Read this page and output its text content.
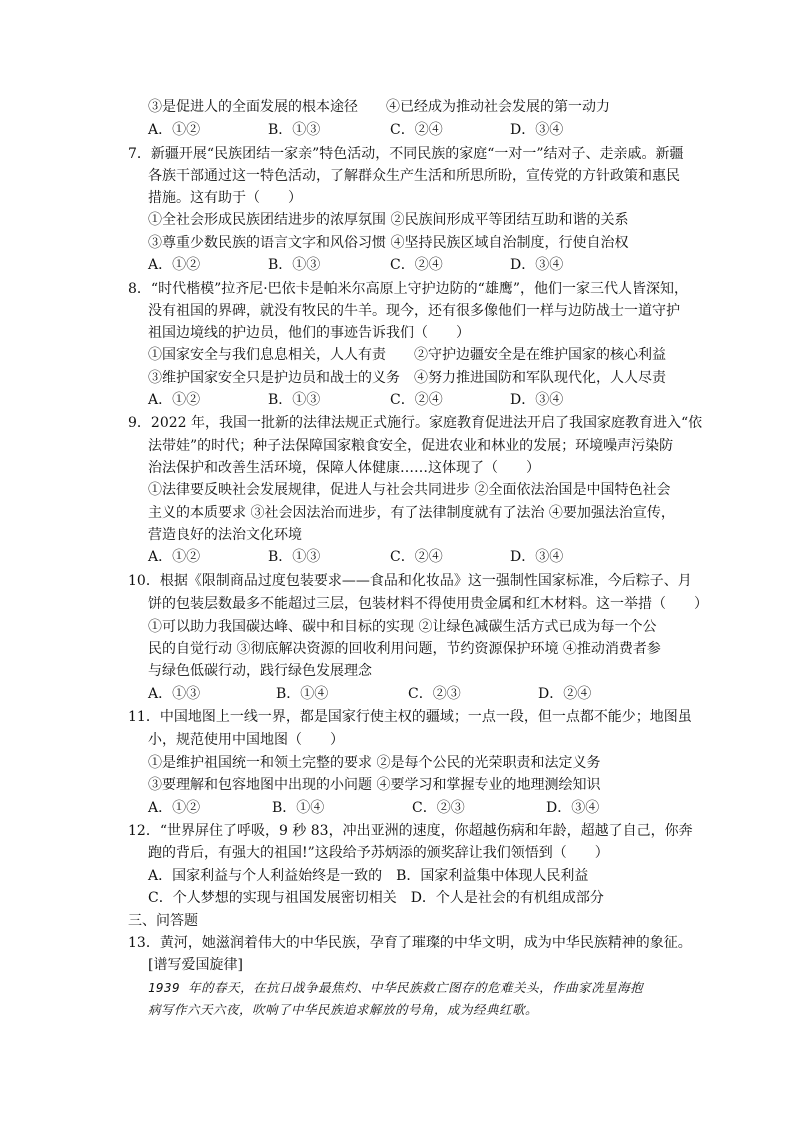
③是促进人的全面发展的根本途径　　④已经成为推动社会发展的第一动力
A．①②	B．①③	C．②④	D．③④
7．新疆开展“民族团结一家亲”特色活动，不同民族的家庭“一对一”结对子、走亲戚。新疆
各族干部通过这一特色活动，了解群众生产生活和所思所盼，宣传党的方针政策和惠民
措施。这有助于（　　）
①全社会形成民族团结进步的浓厚氛围 ②民族间形成平等团结互助和谐的关系
③尊重少数民族的语言文字和风俗习惯 ④坚持民族区域自治制度，行使自治权
A．①②	B．①③	C．②④	D．③④
8．“时代楷模”拉齐尼·巴依卡是帕米尔高原上守护边防的“雄鹰”，他们一家三代人皆深知，
没有祖国的界碑，就没有牧民的牛羊。现今，还有很多像他们一样与边防战士一道守护
祖国边境线的护边员，他们的事迹告诉我们（　　）
①国家安全与我们息息相关，人人有责　　②守护边疆安全是在维护国家的核心利益
③维护国家安全只是护边员和战士的义务　④努力推进国防和军队现代化，人人尽责
A．①②	B．①③	C．②④	D．③④
9．2022 年，我国一批新的法律法规正式施行。家庭教育促进法开启了我国家庭教育进入“依
法带娃”的时代；种子法保障国家粮食安全，促进农业和林业的发展；环境噪声污染防
治法保护和改善生活环境，保障人体健康……这体现了（　　）
①法律要反映社会发展规律，促进人与社会共同进步 ②全面依法治国是中国特色社会
主义的本质要求 ③社会因法治而进步，有了法律制度就有了法治 ④要加强法治宣传，
营造良好的法治文化环境
A．①②	B．①③	C．②④	D．③④
10．根据《限制商品过度包装要求——食品和化妆品》这一强制性国家标准，今后粽子、月
饼的包装层数最多不能超过三层，包装材料不得使用贵金属和红木材料。这一举措（　　）
①可以助力我国碳达峰、碳中和目标的实现 ②让绿色减碳生活方式已成为每一个公
民的自觉行动 ③彻底解决资源的回收利用问题，节约资源保护环境 ④推动消费者参
与绿色低碳行动，践行绿色发展理念
A．①③	B．①④	C．②③	D．②④
11．中国地图上一线一界，都是国家行使主权的疆域；一点一段，但一点都不能少；地图虽
小，规范使用中国地图（　　）
①是维护祖国统一和领土完整的要求 ②是每个公民的光荣职责和法定义务
③要理解和包容地图中出现的小问题 ④要学习和掌握专业的地理测绘知识
A．①②	B．①④	C．②③	D．③④
12．“世界屏住了呼吸，9 秒 83，冲出亚洲的速度，你超越伤病和年龄，超越了自己，你奔
跑的背后，有强大的祖国!”这段给予苏炳添的颁奖辞让我们领悟到（　　）
A．国家利益与个人利益始终是一致的　B．国家利益集中体现人民利益
C．个人梦想的实现与祖国发展密切相关　D．个人是社会的有机组成部分
三、问答题
13．黄河，她滋润着伟大的中华民族，孕育了璀璨的中华文明，成为中华民族精神的象征。
[谱写爱国旋律]
1939 年的春天，在抗日战争最焦灼、中华民族救亡图存的危难关头，作曲家冼星海抱
病写作六天六夜，吹响了中华民族追求解放的号角，成为经典红歌。
